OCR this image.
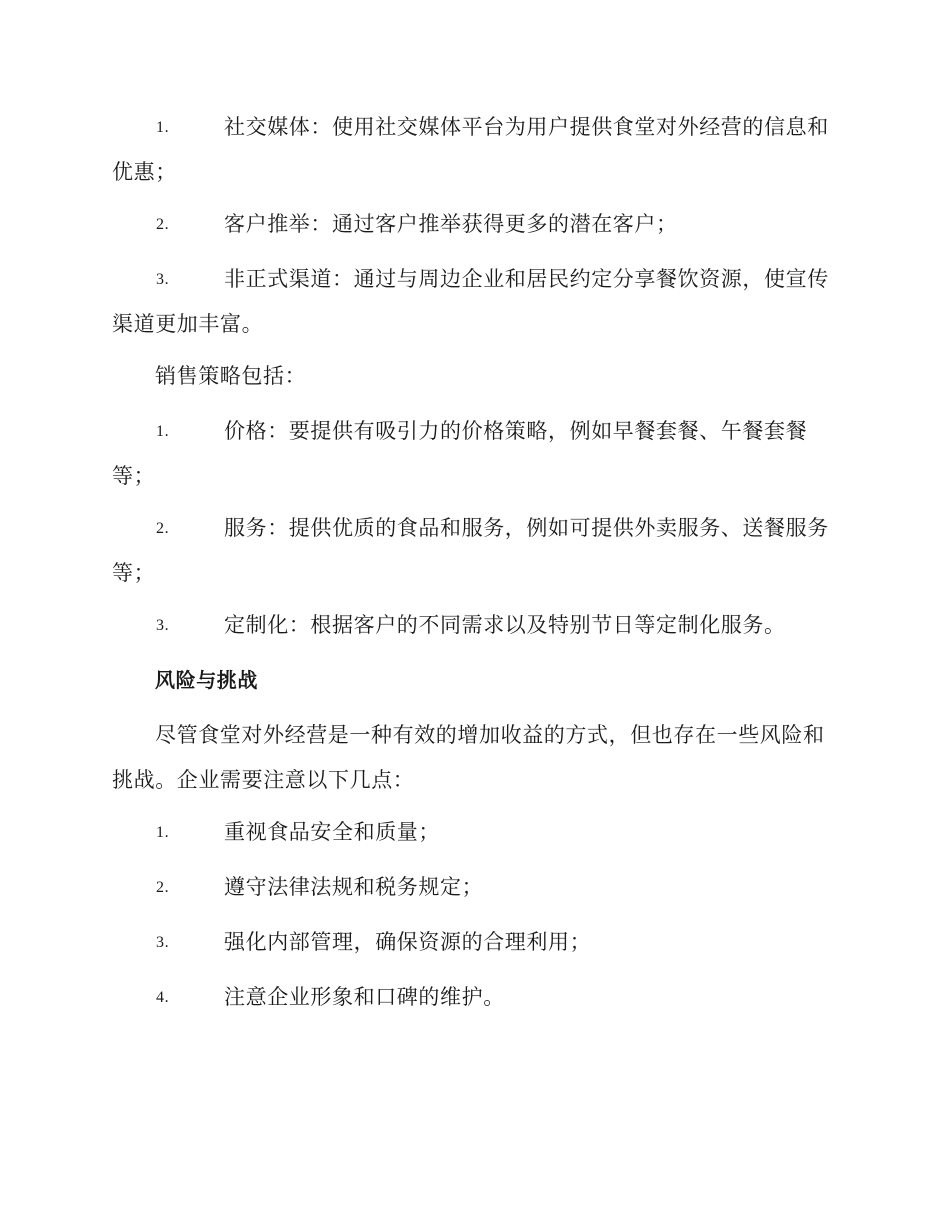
1.	社交媒体：使用社交媒体平台为用户提供食堂对外经营的信息和优惠；
2.	客户推举：通过客户推举获得更多的潜在客户；
3.	非正式渠道：通过与周边企业和居民约定分享餐饮资源，使宣传渠道更加丰富。
销售策略包括：
1.	价格：要提供有吸引力的价格策略，例如早餐套餐、午餐套餐等；
2.	服务：提供优质的食品和服务，例如可提供外卖服务、送餐服务等；
3.	定制化：根据客户的不同需求以及特别节日等定制化服务。
风险与挑战
尽管食堂对外经营是一种有效的增加收益的方式，但也存在一些风险和挑战。企业需要注意以下几点：
1.	重视食品安全和质量；
2.	遵守法律法规和税务规定；
3.	强化内部管理，确保资源的合理利用；
4.	注意企业形象和口碑的维护。
